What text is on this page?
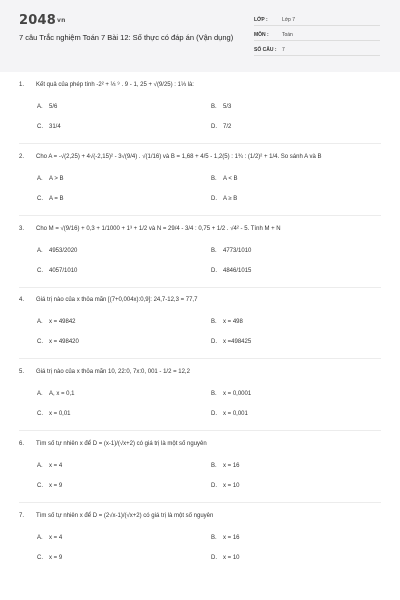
2048vn
7 câu Trắc nghiệm Toán 7 Bài 12: Số thực có đáp án (Vận dụng)
LỚP :	Lớp 7
MÔN :	Toán
SỐ CÂU : 7
1. Kết quả của phép tính -2² + ⅓ ⁹ . 9 - 1, 25 + √(9/25) : 1⅓ là:
A. 5/6	B. 5/3
C. 31/4	D. 7/2
2. Cho A = -√(2,25) + 4√(-2,15)² - 3√(9/4) . √(1/16) và B = 1,68 + 4/5 - 1,2(5) : 1¾ : (1/2)² + 1/4. So sánh A và B
A. A > B	B. A < B
C. A = B	D. A ≥ B
3. Cho M = √(9/16) + 0,3 + 1/1000 + 1³ + 1/2 và N = 29/4 - 3/4 : 0,75 + 1/2 . √4² - 5. Tính M + N
A. 4953/2020	B. 4773/1010
C. 4057/1010	D. 4846/1015
4. Giá trị nào của x thỏa mãn [(7+0,004x):0,9]: 24,7-12,3 = 77,7
A. x = 49842	B. x = 498
C. x = 498420	D. x =498425
5. Giá trị nào của x thỏa mãn 10, 22:0, 7x:0, 001 - 1/2 = 12,2
A. A, x = 0,1	B. x = 0,0001
C. x = 0,01	D. x = 0,001
6. Tìm số tự nhiên x để D = (x-1)/(√x+2) có giá trị là một số nguyên
A. x = 4	B. x = 16
C. x = 9	D. x = 10
7. Tìm số tự nhiên x để D = (2√x-1)/(√x+2) có giá trị là một số nguyên
A. x = 4	B. x = 16
C. x = 9	D. x = 10
